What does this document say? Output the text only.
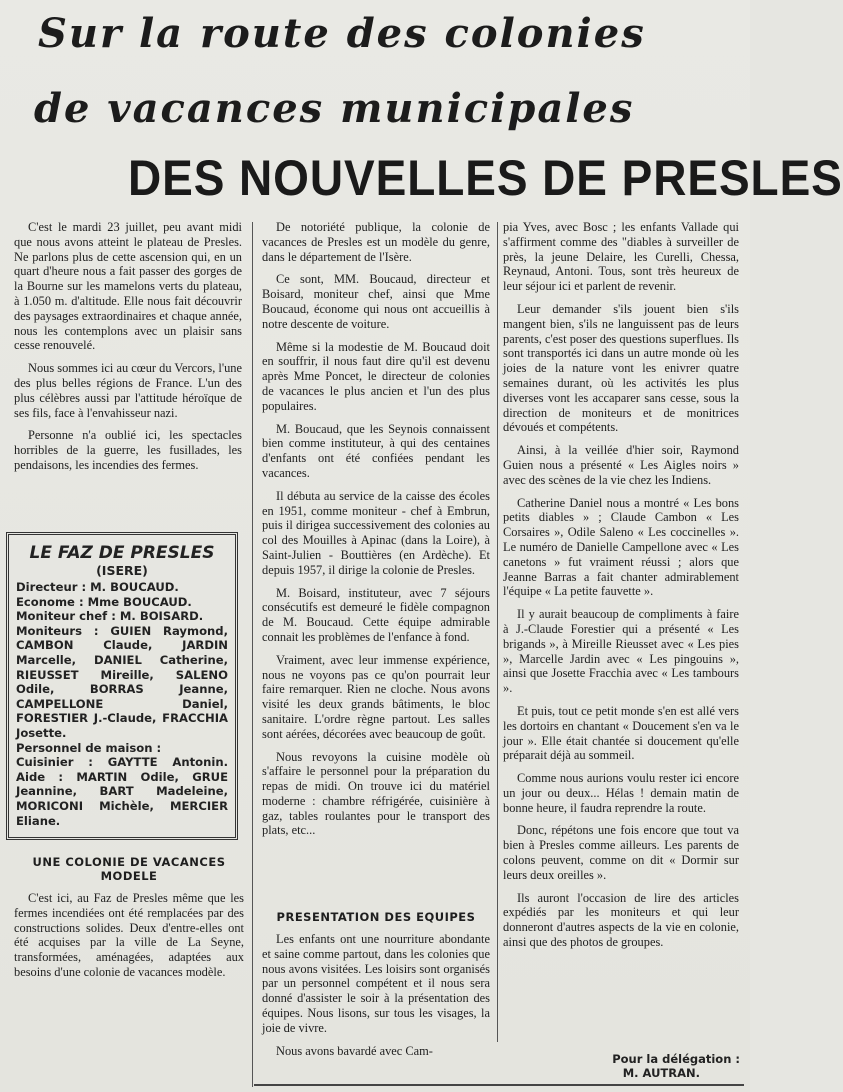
Sur la route des colonies
de vacances municipales
DES NOUVELLES DE PRESLES

C'est le mardi 23 juillet, peu avant midi que nous avons atteint le plateau de Presles. Ne parlons plus de cette ascension qui, en un quart d'heure nous a fait passer des gorges de la Bourne sur les mamelons verts du plateau, à 1.050 m. d'altitude. Elle nous fait découvrir des paysages extraordinaires et chaque année, nous les contemplons avec un plaisir sans cesse renouvelé.

Nous sommes ici au cœur du Vercors, l'une des plus belles régions de France. L'un des plus célèbres aussi par l'attitude héroïque de ses fils, face à l'envahisseur nazi.

Personne n'a oublié ici, les spectacles horribles de la guerre, les fusillades, les pendaisons, les incendies des fermes.

LE FAZ DE PRESLES
(ISERE)

Directeur : M. BOUCAUD.

Econome : Mme BOUCAUD.

Moniteur chef : M. BOISARD.

Moniteurs : GUIEN Raymond, CAMBON Claude, JARDIN Marcelle, DANIEL Catherine, RIEUSSET Mireille, SALENO Odile, BORRAS Jeanne, CAMPELLONE Daniel, FORESTIER J.-Claude, FRACCHIA Josette.

Personnel de maison :

Cuisinier : GAYTTE Antonin. Aide : MARTIN Odile, GRUE Jeannine, BART Madeleine, MORICONI Michèle, MERCIER Eliane.

UNE COLONIE DE VACANCES MODELE

C'est ici, au Faz de Presles même que les fermes incendiées ont été remplacées par des constructions solides. Deux d'entre-elles ont été acquises par la ville de La Seyne, transformées, aménagées, adaptées aux besoins d'une colonie de vacances modèle.

De notoriété publique, la colonie de vacances de Presles est un modèle du genre, dans le département de l'Isère.

Ce sont, MM. Boucaud, directeur et Boisard, moniteur chef, ainsi que Mme Boucaud, économe qui nous ont accueillis à notre descente de voiture.

Même si la modestie de M. Boucaud doit en souffrir, il nous faut dire qu'il est devenu après Mme Poncet, le directeur de colonies de vacances le plus ancien et l'un des plus populaires.

M. Boucaud, que les Seynois connaissent bien comme instituteur, à qui des centaines d'enfants ont été confiées pendant les vacances.

Il débuta au service de la caisse des écoles en 1951, comme moniteur - chef à Embrun, puis il dirigea successivement des colonies au col des Mouilles à Apinac (dans la Loire), à Saint-Julien - Bouttières (en Ardèche). Et depuis 1957, il dirige la colonie de Presles.

M. Boisard, instituteur, avec 7 séjours consécutifs est demeuré le fidèle compagnon de M. Boucaud. Cette équipe admirable connait les problèmes de l'enfance à fond.

Vraiment, avec leur immense expérience, nous ne voyons pas ce qu'on pourrait leur faire remarquer. Rien ne cloche. Nous avons visité les deux grands bâtiments, le bloc sanitaire. L'ordre règne partout. Les salles sont aérées, décorées avec beaucoup de goût.

Nous revoyons la cuisine modèle où s'affaire le personnel pour la préparation du repas de midi. On trouve ici du matériel moderne : chambre réfrigérée, cuisinière à gaz, tables roulantes pour le transport des plats, etc...

PRESENTATION DES EQUIPES

Les enfants ont une nourriture abondante et saine comme partout, dans les colonies que nous avons visitées. Les loisirs sont organisés par un personnel compétent et il nous sera donné d'assister le soir à la présentation des équipes. Nous lisons, sur tous les visages, la joie de vivre.

Nous avons bavardé avec Cam-

pia Yves, avec Bosc ; les enfants Vallade qui s'affirment comme des "diables à surveiller de près, la jeune Delaire, les Curelli, Chessa, Reynaud, Antoni. Tous, sont très heureux de leur séjour ici et parlent de revenir.

Leur demander s'ils jouent bien s'ils mangent bien, s'ils ne languissent pas de leurs parents, c'est poser des questions superflues. Ils sont transportés ici dans un autre monde où les joies de la nature vont les enivrer quatre semaines durant, où les activités les plus diverses vont les accaparer sans cesse, sous la direction de moniteurs et de monitrices dévoués et compétents.

Ainsi, à la veillée d'hier soir, Raymond Guien nous a présenté « Les Aigles noirs » avec des scènes de la vie chez les Indiens.

Catherine Daniel nous a montré « Les bons petits diables » ; Claude Cambon « Les Corsaires », Odile Saleno « Les coccinelles ». Le numéro de Danielle Campellone avec « Les canetons » fut vraiment réussi ; alors que Jeanne Barras a fait chanter admirablement l'équipe « La petite fauvette ».

Il y aurait beaucoup de compliments à faire à J.-Claude Forestier qui a présenté « Les brigands », à Mireille Rieusset avec « Les pies », Marcelle Jardin avec « Les pingouins », ainsi que Josette Fracchia avec « Les tambours ».

Et puis, tout ce petit monde s'en est allé vers les dortoirs en chantant « Doucement s'en va le jour ». Elle était chantée si doucement qu'elle préparait déjà au sommeil.

Comme nous aurions voulu rester ici encore un jour ou deux... Hélas ! demain matin de bonne heure, il faudra reprendre la route.

Donc, répétons une fois encore que tout va bien à Presles comme ailleurs. Les parents de colons peuvent, comme on dit « Dormir sur leurs deux oreilles ».

Ils auront l'occasion de lire des articles expédiés par les moniteurs et qui leur donneront d'autres aspects de la vie en colonie, ainsi que des photos de groupes.

Pour la délégation :
M. AUTRAN.
